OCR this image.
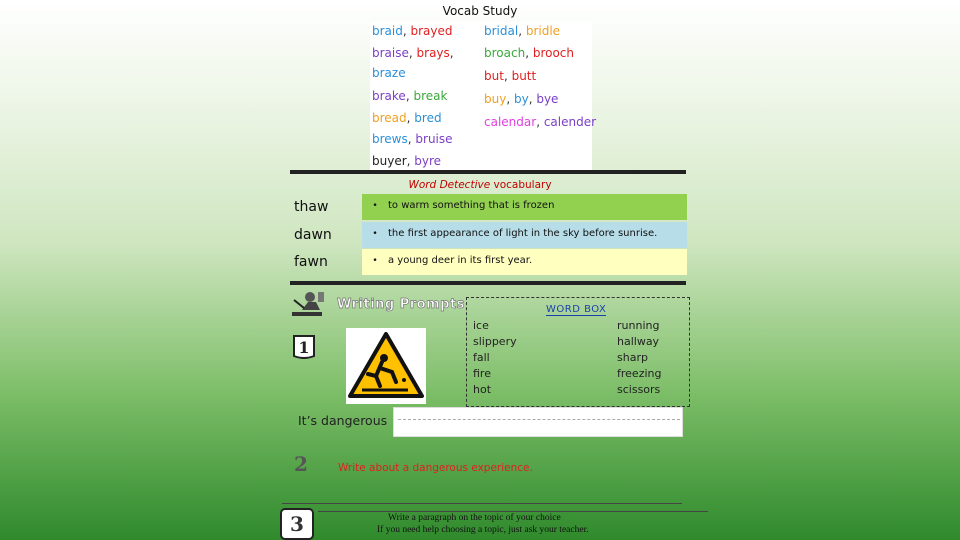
Vocab Study
braid, brayed
braise, brays,
braze
brake, break
bread, bred
brews, bruise
buyer, byre
bridal, bridle
broach, brooch
but, butt
buy, by, bye
calendar, calender
Word Detective vocabulary
thaw	•	to warm something that is frozen
dawn	•	the first appearance of light in the sky before sunrise.
fawn	•	a young deer in its first year.
Writing Prompts	WORD BOX
ice
slippery
fall
fire
hot
running
hallway
sharp
freezing
scissors
1
It’s dangerous
2	Write about a dangerous experience.
3	Write a paragraph on the topic of your choice
If you need help choosing a topic, just ask your teacher.
